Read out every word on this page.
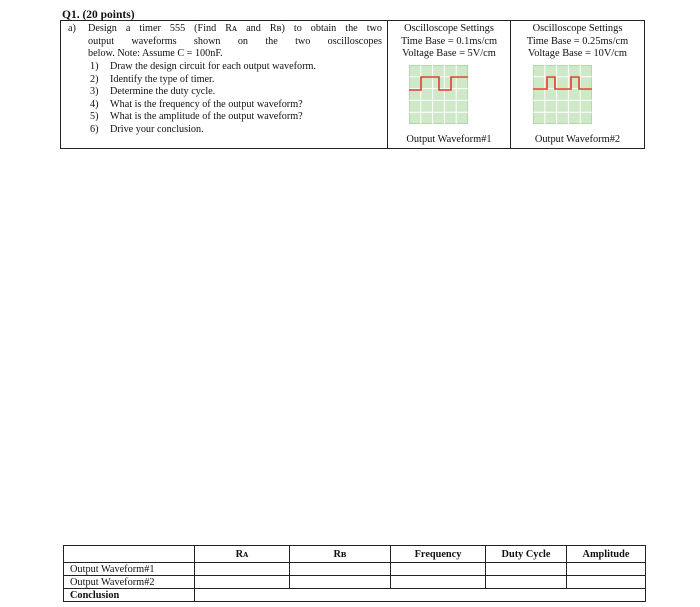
Q1. (20 points)
a) Design a timer 555 (Find Rᴀ and Rʙ) to obtain the two
output waveforms shown on the two oscilloscopes
below. Note: Assume C = 100nF.
1) Draw the design circuit for each output waveform.
2) Identify the type of timer.
3) Determine the duty cycle.
4) What is the frequency of the output waveform?
5) What is the amplitude of the output waveform?
6) Drive your conclusion.
Oscilloscope Settings
Time Base = 0.1ms/cm
Voltage Base = 5V/cm
Output Waveform#1
Oscilloscope Settings
Time Base = 0.25ms/cm
Voltage Base = 10V/cm
Output Waveform#2
	Rᴀ	Rʙ	Frequency	Duty Cycle	Amplitude
Output Waveform#1					
Output Waveform#2					
Conclusion					
